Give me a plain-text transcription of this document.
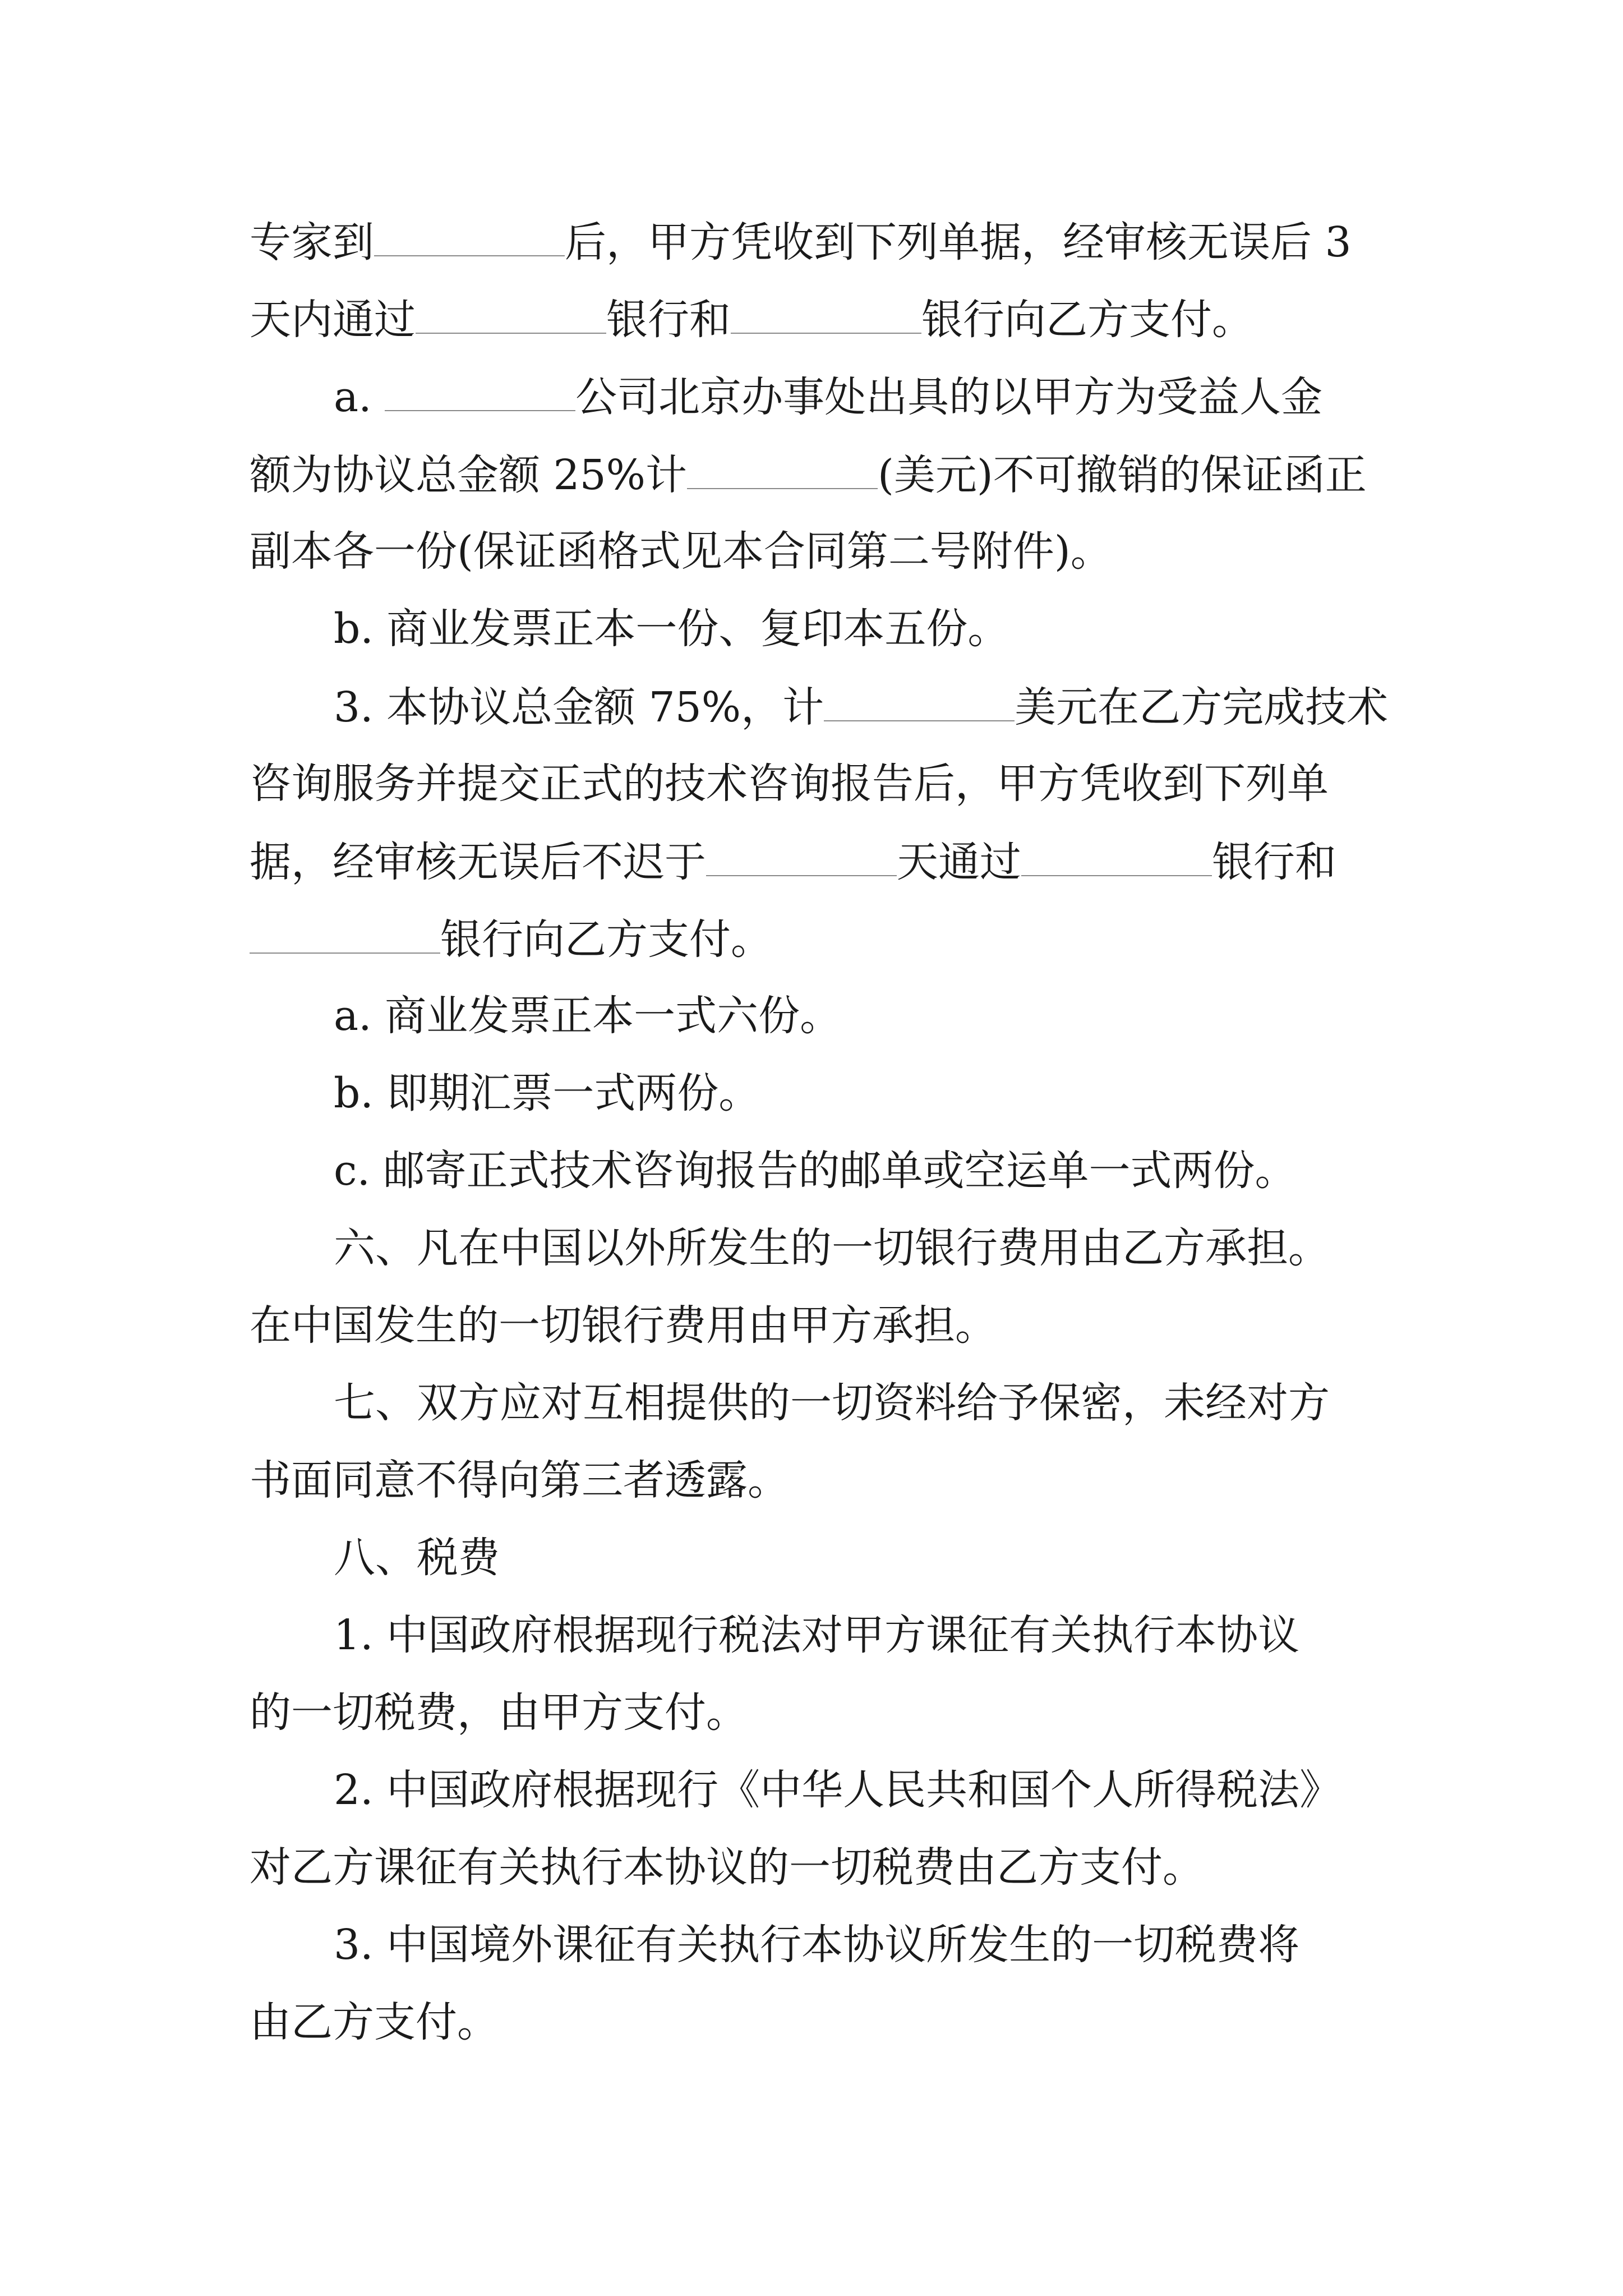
专家到	后，甲方凭收到下列单据，经审核无误后 3
天内通过	银行和	银行向乙方支付。
a.	公司北京办事处出具的以甲方为受益人金
额为协议总金额 25%计	(美元)不可撤销的保证函正
副本各一份(保证函格式见本合同第二号附件)。
b. 商业发票正本一份、复印本五份。
3. 本协议总金额 75%，计	美元在乙方完成技术
咨询服务并提交正式的技术咨询报告后，甲方凭收到下列单
据，经审核无误后不迟于	天通过	银行和
银行向乙方支付。
a. 商业发票正本一式六份。
b. 即期汇票一式两份。
c. 邮寄正式技术咨询报告的邮单或空运单一式两份。
六、凡在中国以外所发生的一切银行费用由乙方承担。
在中国发生的一切银行费用由甲方承担。
七、双方应对互相提供的一切资料给予保密，未经对方
书面同意不得向第三者透露。
八、税费
1. 中国政府根据现行税法对甲方课征有关执行本协议
的一切税费，由甲方支付。
2. 中国政府根据现行《中华人民共和国个人所得税法》
对乙方课征有关执行本协议的一切税费由乙方支付。
3. 中国境外课征有关执行本协议所发生的一切税费将
由乙方支付。
